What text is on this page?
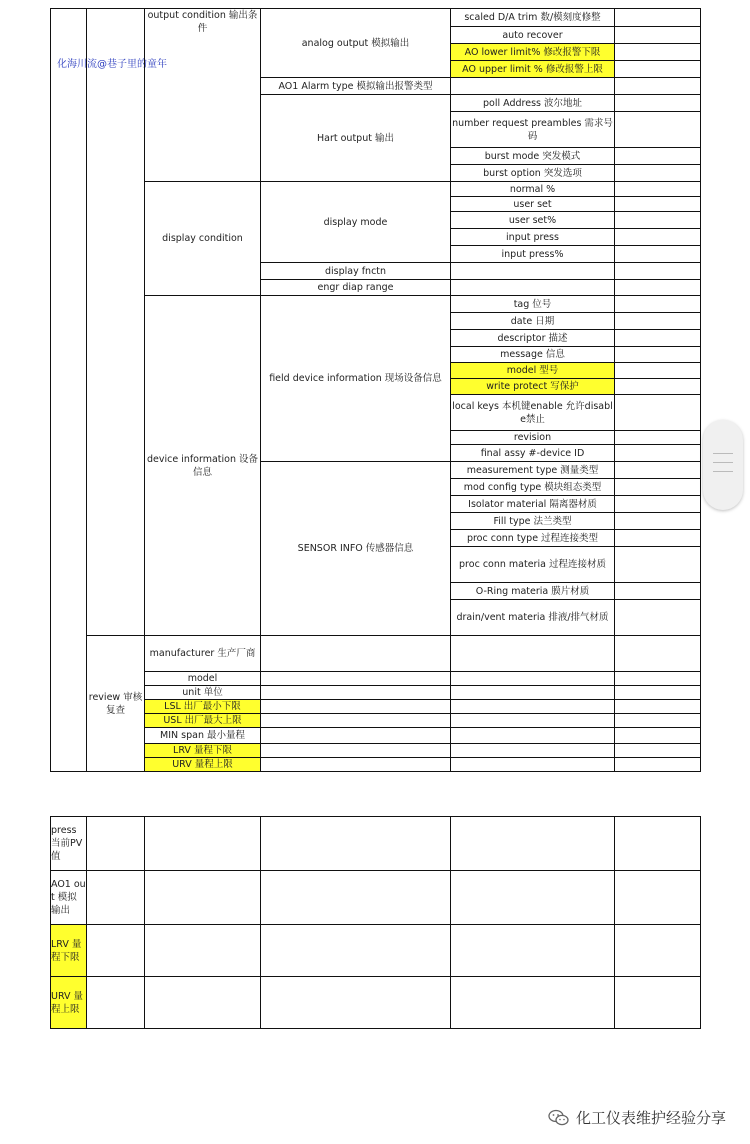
化海川流@巷子里的童年
		output condition 输出条件	analog output 模拟输出	scaled D/A trim 数/模刻度修整	
				auto recover	
				AO lower limit% 修改报警下限	
				AO upper limit % 修改报警上限	
			AO1 Alarm type 模拟输出报警类型		
			Hart output 输出	poll Address 波尔地址	
				number request preambles 需求号码	

				burst mode 突发模式	
				burst option 突发选项	
		display condition	display mode	normal %	
				user set	
				user set%	
				input press	
				input press%	
			display fnctn		
			engr diap range		
		device information 设备信息	field device information 现场设备信息	tag 位号	
				date 日期	
				descriptor 描述	
				message 信息	
				model 型号	
				write protect 写保护	
				local keys 本机键enable 允许disable禁止	
				revision	
				final assy #-device ID	
			SENSOR INFO 传感器信息	measurement type 测量类型	
				mod config type 模块组态类型	
				Isolator material 隔离器材质	
				Fill type 法兰类型	
				proc conn type 过程连接类型	
				proc conn materia 过程连接材质	
				O-Ring materia 膜片材质	
				drain/vent materia 排液/排气材质	
	review 审核复查	manufacturer 生产厂商			
		model			
		unit 单位			
		LSL 出厂最小下限			
		USL 出厂最大上限			
		MIN span 最小量程			
		LRV 量程下限			
		URV 量程上限			
press 当前PV值					
AO1 out 模拟输出					
LRV 量程下限					
URV 量程上限					
化工仪表维护经验分享
